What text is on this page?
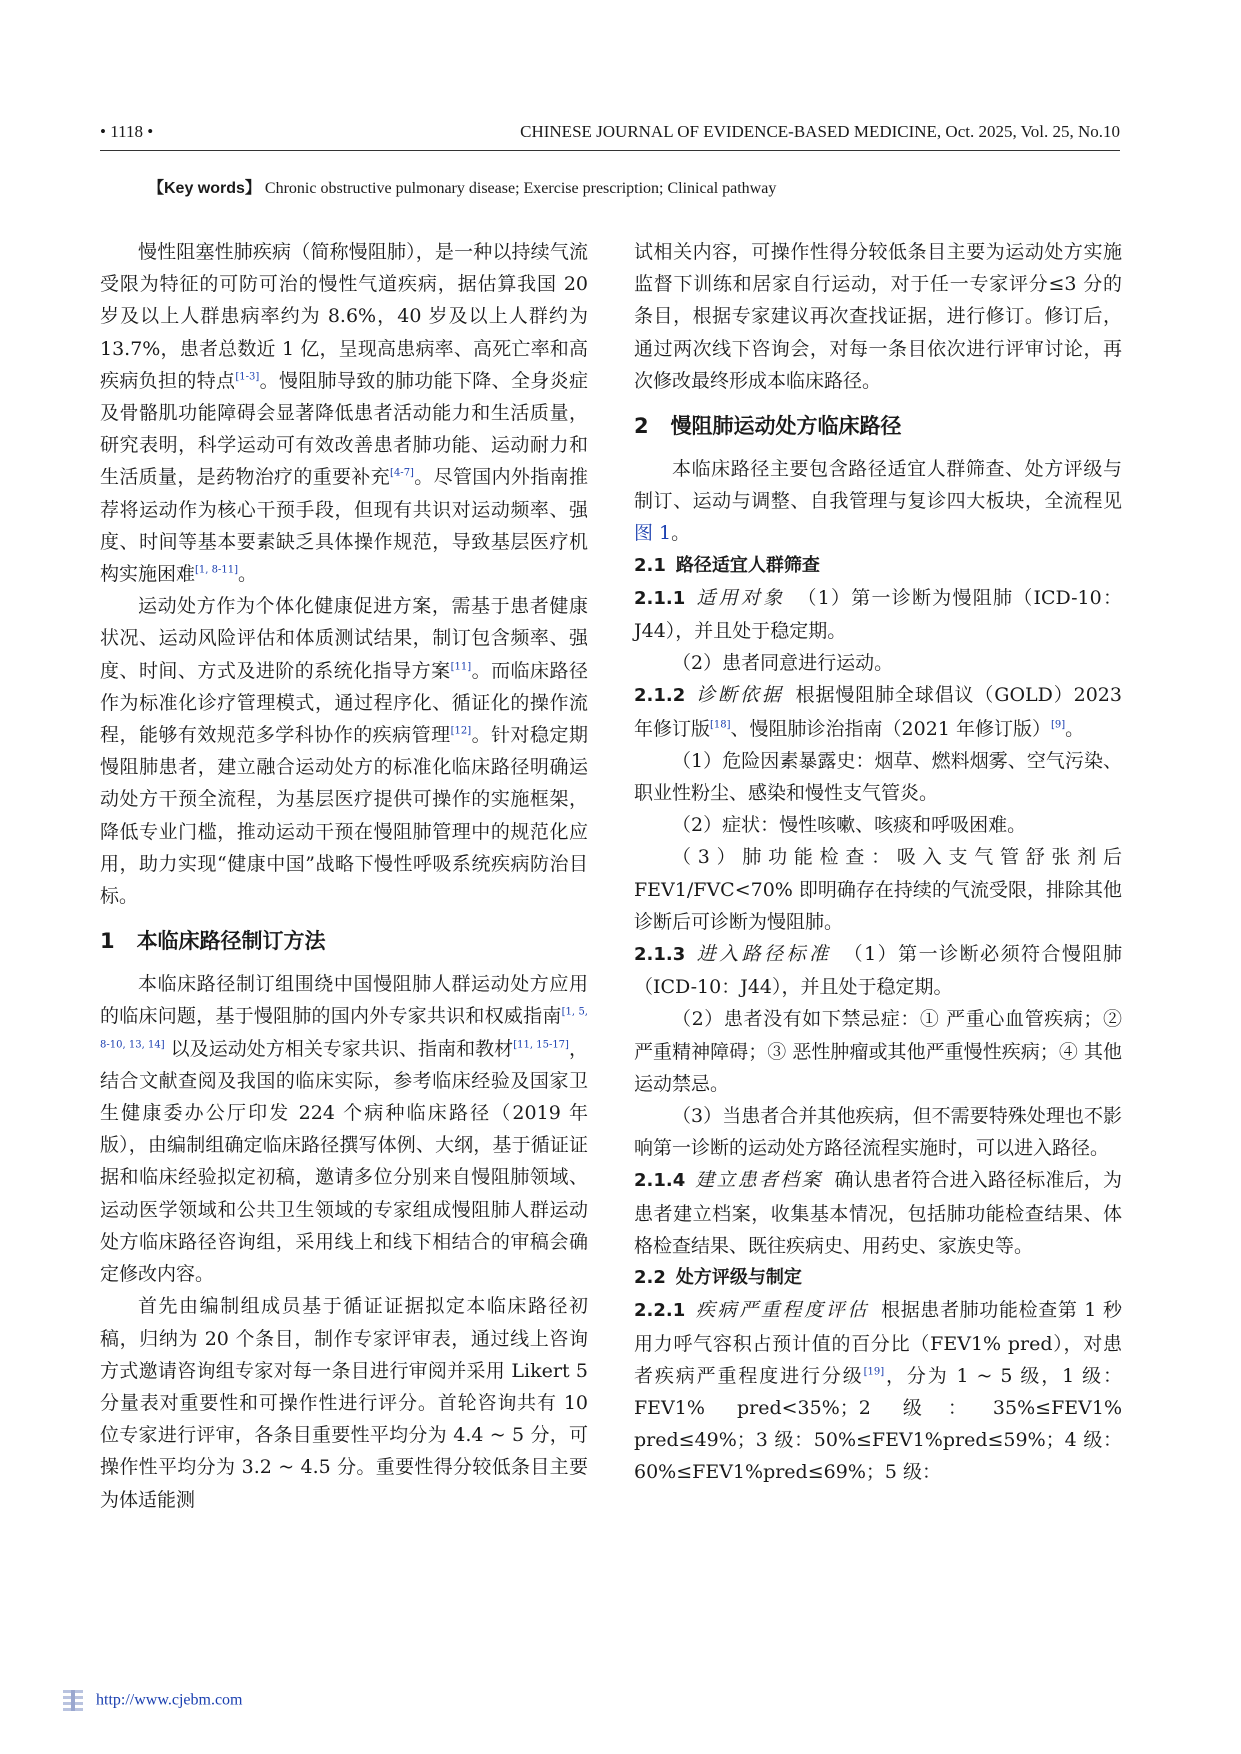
• 1118 •	CHINESE JOURNAL OF EVIDENCE-BASED MEDICINE, Oct. 2025, Vol. 25, No.10
【Key words】 Chronic obstructive pulmonary disease; Exercise prescription; Clinical pathway

慢性阻塞性肺疾病（简称慢阻肺），是一种以持续气流受限为特征的可防可治的慢性气道疾病，据估算我国 20 岁及以上人群患病率约为 8.6%，40 岁及以上人群约为 13.7%，患者总数近 1 亿，呈现高患病率、高死亡率和高疾病负担的特点[1-3]。慢阻肺导致的肺功能下降、全身炎症及骨骼肌功能障碍会显著降低患者活动能力和生活质量，研究表明，科学运动可有效改善患者肺功能、运动耐力和生活质量，是药物治疗的重要补充[4-7]。尽管国内外指南推荐将运动作为核心干预手段，但现有共识对运动频率、强度、时间等基本要素缺乏具体操作规范，导致基层医疗机构实施困难[1, 8-11]。

运动处方作为个体化健康促进方案，需基于患者健康状况、运动风险评估和体质测试结果，制订包含频率、强度、时间、方式及进阶的系统化指导方案[11]。而临床路径作为标准化诊疗管理模式，通过程序化、循证化的操作流程，能够有效规范多学科协作的疾病管理[12]。针对稳定期慢阻肺患者，建立融合运动处方的标准化临床路径明确运动处方干预全流程，为基层医疗提供可操作的实施框架，降低专业门槛，推动运动干预在慢阻肺管理中的规范化应用，助力实现“健康中国”战略下慢性呼吸系统疾病防治目标。

1 本临床路径制订方法

本临床路径制订组围绕中国慢阻肺人群运动处方应用的临床问题，基于慢阻肺的国内外专家共识和权威指南[1, 5, 8-10, 13, 14] 以及运动处方相关专家共识、指南和教材[11, 15-17]，结合文献查阅及我国的临床实际，参考临床经验及国家卫生健康委办公厅印发 224 个病种临床路径（2019 年版），由编制组确定临床路径撰写体例、大纲，基于循证证据和临床经验拟定初稿，邀请多位分别来自慢阻肺领域、运动医学领域和公共卫生领域的专家组成慢阻肺人群运动处方临床路径咨询组，采用线上和线下相结合的审稿会确定修改内容。

首先由编制组成员基于循证证据拟定本临床路径初稿，归纳为 20 个条目，制作专家评审表，通过线上咨询方式邀请咨询组专家对每一条目进行审阅并采用 Likert 5 分量表对重要性和可操作性进行评分。首轮咨询共有 10 位专家进行评审，各条目重要性平均分为 4.4 ~ 5 分，可操作性平均分为 3.2 ~ 4.5 分。重要性得分较低条目主要为体适能测

试相关内容，可操作性得分较低条目主要为运动处方实施监督下训练和居家自行运动，对于任一专家评分≤3 分的条目，根据专家建议再次查找证据，进行修订。修订后，通过两次线下咨询会，对每一条目依次进行评审讨论，再次修改最终形成本临床路径。

2 慢阻肺运动处方临床路径

本临床路径主要包含路径适宜人群筛查、处方评级与制订、运动与调整、自我管理与复诊四大板块，全流程见图 1。

2.1 路径适宜人群筛查

2.1.1 适用对象 （1）第一诊断为慢阻肺（ICD-10：J44），并且处于稳定期。

（2）患者同意进行运动。

2.1.2 诊断依据 根据慢阻肺全球倡议（GOLD）2023 年修订版[18]、慢阻肺诊治指南（2021 年修订版）[9]。

（1）危险因素暴露史：烟草、燃料烟雾、空气污染、职业性粉尘、感染和慢性支气管炎。

（2）症状：慢性咳嗽、咳痰和呼吸困难。

（3）肺功能检查：吸入支气管舒张剂后 FEV1/FVC<70% 即明确存在持续的气流受限，排除其他诊断后可诊断为慢阻肺。

2.1.3 进入路径标准 （1）第一诊断必须符合慢阻肺（ICD-10：J44），并且处于稳定期。

（2）患者没有如下禁忌症：① 严重心血管疾病；② 严重精神障碍；③ 恶性肿瘤或其他严重慢性疾病；④ 其他运动禁忌。

（3）当患者合并其他疾病，但不需要特殊处理也不影响第一诊断的运动处方路径流程实施时，可以进入路径。

2.1.4 建立患者档案 确认患者符合进入路径标准后，为患者建立档案，收集基本情况，包括肺功能检查结果、体格检查结果、既往疾病史、用药史、家族史等。

2.2 处方评级与制定

2.2.1 疾病严重程度评估 根据患者肺功能检查第 1 秒用力呼气容积占预计值的百分比（FEV1% pred），对患者疾病严重程度进行分级[19]，分为 1 ~ 5 级，1 级：FEV1% pred<35%；2 级：35%≤FEV1% pred≤49%；3 级：50%≤FEV1%pred≤59%；4 级：60%≤FEV1%pred≤69%；5 级：

http://www.cjebm.com
